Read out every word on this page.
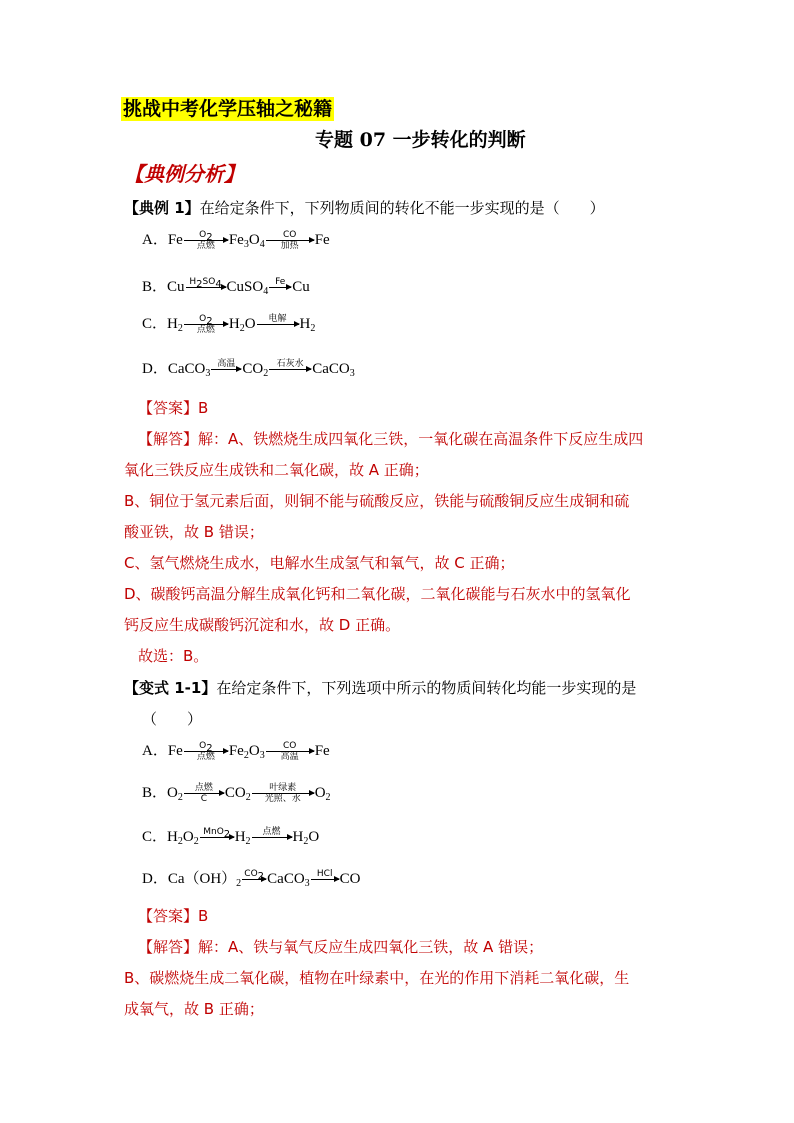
挑战中考化学压轴之秘籍
专题 07 一步转化的判断
【典例分析】
【典例 1】在给定条件下，下列物质间的转化不能一步实现的是（　　）
A．Fe	$O_2$
点燃 $Fe_3O_4$
CO
加热	Fe
B．Cu $H_2SO_4$ CuSO$_4$
Fe Cu
C．$H_2$
$O_2$
点燃 $H_2O$	电解 $H_2$
D．CaCO$_3$
高温 $CO_2$
石灰水 CaCO$_3$
【答案】B
【解答】解：A、铁燃烧生成四氧化三铁，一氧化碳在高温条件下反应生成四
氧化三铁反应生成铁和二氧化碳，故 A 正确；
B、铜位于氢元素后面，则铜不能与硫酸反应，铁能与硫酸铜反应生成铜和硫
酸亚铁，故 B 错误；
C、氢气燃烧生成水，电解水生成氢气和氧气，故 C 正确；
D、碳酸钙高温分解生成氧化钙和二氧化碳，二氧化碳能与石灰水中的氢氧化
钙反应生成碳酸钙沉淀和水，故 D 正确。
故选：B。
【变式 1-1】在给定条件下，下列选项中所示的物质间转化均能一步实现的是
（　　）
A．Fe	$O_2$
点燃 $Fe_2O_3$
CO
高温	Fe
B．$O_2$
点燃
C	$CO_2$
叶绿素
光照、水 $O_2$
C．$H_2O_2$
MnO$_2$ $H_2$
点燃 $H_2O$
D．$Ca(OH)_2$
$CO_2$ CaCO$_3$
HCl CO
【答案】B
【解答】解：A、铁与氧气反应生成四氧化三铁，故 A 错误；
B、碳燃烧生成二氧化碳，植物在叶绿素中，在光的作用下消耗二氧化碳，生
成氧气，故 B 正确；
